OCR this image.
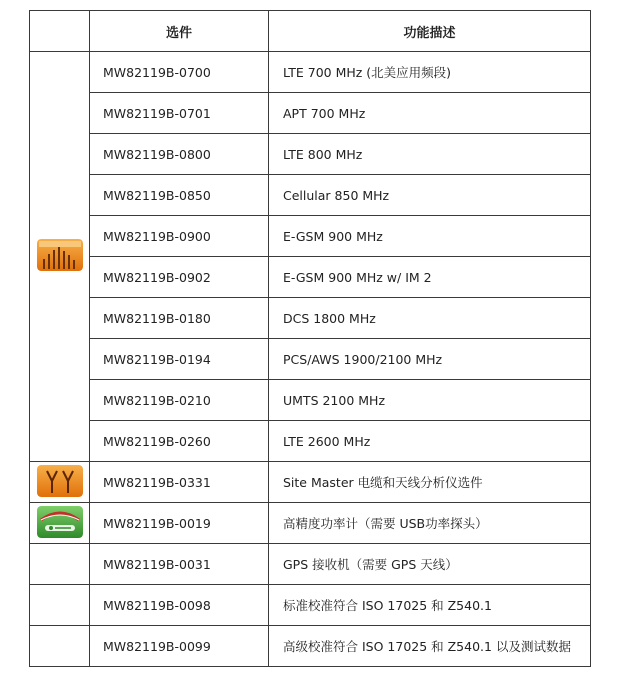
	选件	功能描述

	MW82119B-0700	LTE 700 MHz (北美应用频段)
	MW82119B-0701	APT 700 MHz
	MW82119B-0800	LTE 800 MHz
	MW82119B-0850	Cellular 850 MHz
	MW82119B-0900	E-GSM 900 MHz
	MW82119B-0902	E-GSM 900 MHz w/ IM 2
	MW82119B-0180	DCS 1800 MHz
	MW82119B-0194	PCS/AWS 1900/2100 MHz
	MW82119B-0210	UMTS 2100 MHz
	MW82119B-0260	LTE 2600 MHz

	MW82119B-0331	Site Master 电缆和天线分析仪选件

	MW82119B-0019	高精度功率计（需要 USB功率探头）
	MW82119B-0031	GPS 接收机（需要 GPS 天线）
	MW82119B-0098	标准校准符合 ISO 17025 和 Z540.1
	MW82119B-0099	高级校准符合 ISO 17025 和 Z540.1 以及测试数据
